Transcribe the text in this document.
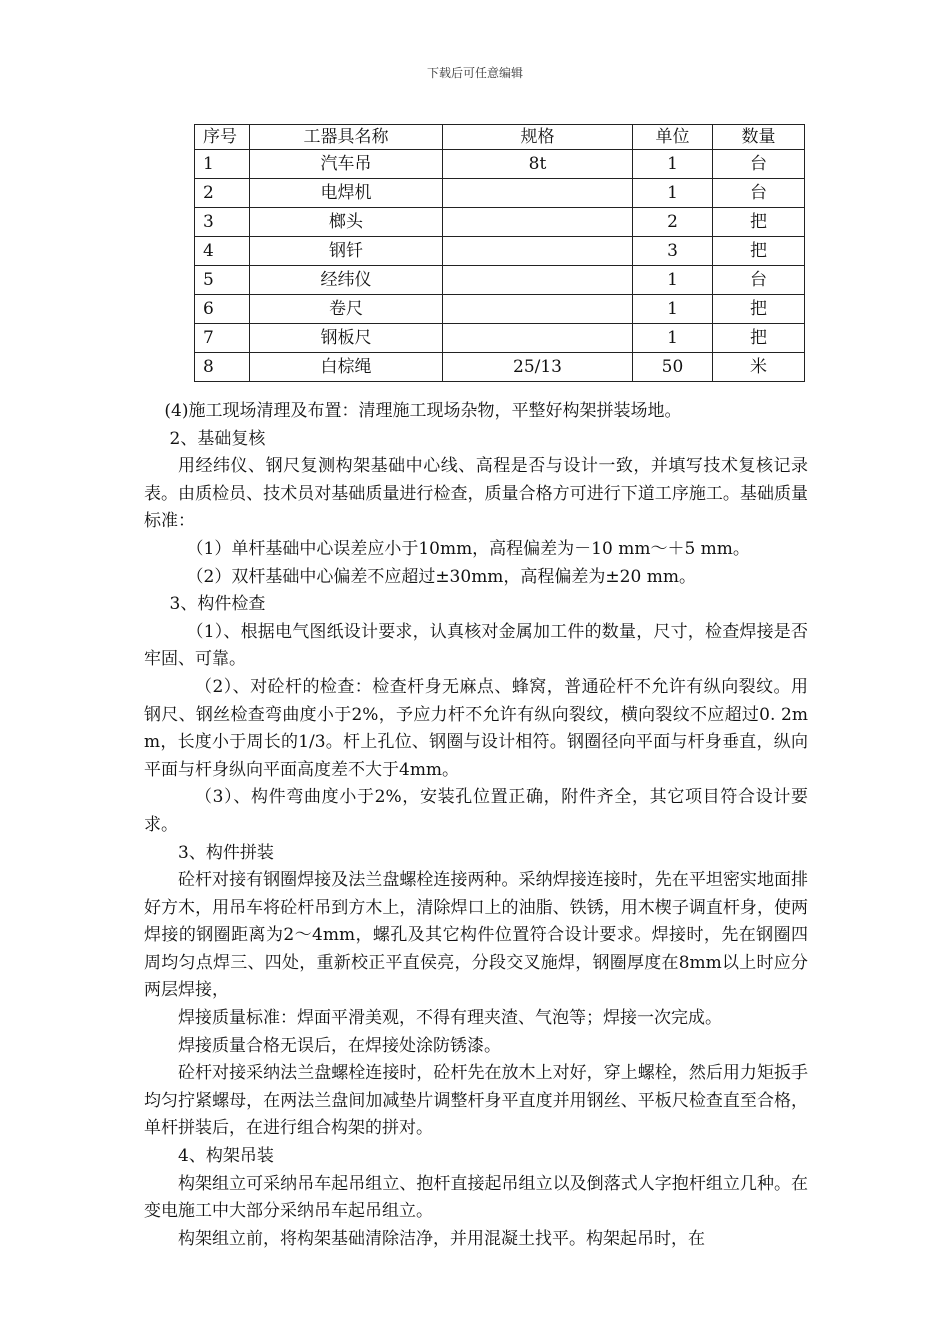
下载后可任意编辑
序号	工器具名称	规格	单位	数量
1	汽车吊	8t	1	台
2	电焊机		1	台
3	榔头		2	把
4	钢钎		3	把
5	经纬仪		1	台
6	卷尺		1	把
7	钢板尺		1	把
8	白棕绳	25/13	50	米

(4)施工现场清理及布置：清理施工现场杂物，平整好构架拼装场地。

2、基础复核

用经纬仪、钢尺复测构架基础中心线、高程是否与设计一致，并填写技术复核记录表。由质检员、技术员对基础质量进行检查，质量合格方可进行下道工序施工。基础质量标准：

（1）单杆基础中心误差应小于10mm，高程偏差为－10 mm～＋5 mm。

（2）双杆基础中心偏差不应超过±30mm，高程偏差为±20 mm。

3、构件检查

（1）、根据电气图纸设计要求，认真核对金属加工件的数量，尺寸，检查焊接是否牢固、可靠。

（2）、对砼杆的检查：检查杆身无麻点、蜂窝，普通砼杆不允许有纵向裂纹。用钢尺、钢丝检查弯曲度小于2%，予应力杆不允许有纵向裂纹，横向裂纹不应超过0. 2mm，长度小于周长的1/3。杆上孔位、钢圈与设计相符。钢圈径向平面与杆身垂直，纵向平面与杆身纵向平面高度差不大于4mm。

（3）、构件弯曲度小于2%，安装孔位置正确，附件齐全，其它项目符合设计要求。

3、构件拼装

砼杆对接有钢圈焊接及法兰盘螺栓连接两种。采纳焊接连接时，先在平坦密实地面排好方木，用吊车将砼杆吊到方木上，清除焊口上的油脂、铁锈，用木楔子调直杆身，使两焊接的钢圈距离为2～4mm，螺孔及其它构件位置符合设计要求。焊接时，先在钢圈四周均匀点焊三、四处，重新校正平直侯亮，分段交叉施焊，钢圈厚度在8mm以上时应分两层焊接，

焊接质量标准：焊面平滑美观，不得有理夹渣、气泡等；焊接一次完成。

焊接质量合格无误后，在焊接处涂防锈漆。

砼杆对接采纳法兰盘螺栓连接时，砼杆先在放木上对好，穿上螺栓，然后用力矩扳手均匀拧紧螺母，在两法兰盘间加减垫片调整杆身平直度并用钢丝、平板尺检查直至合格，单杆拼装后，在进行组合构架的拼对。

4、构架吊装

构架组立可采纳吊车起吊组立、抱杆直接起吊组立以及倒落式人字抱杆组立几种。在变电施工中大部分采纳吊车起吊组立。

构架组立前，将构架基础清除洁净，并用混凝土找平。构架起吊时，在
